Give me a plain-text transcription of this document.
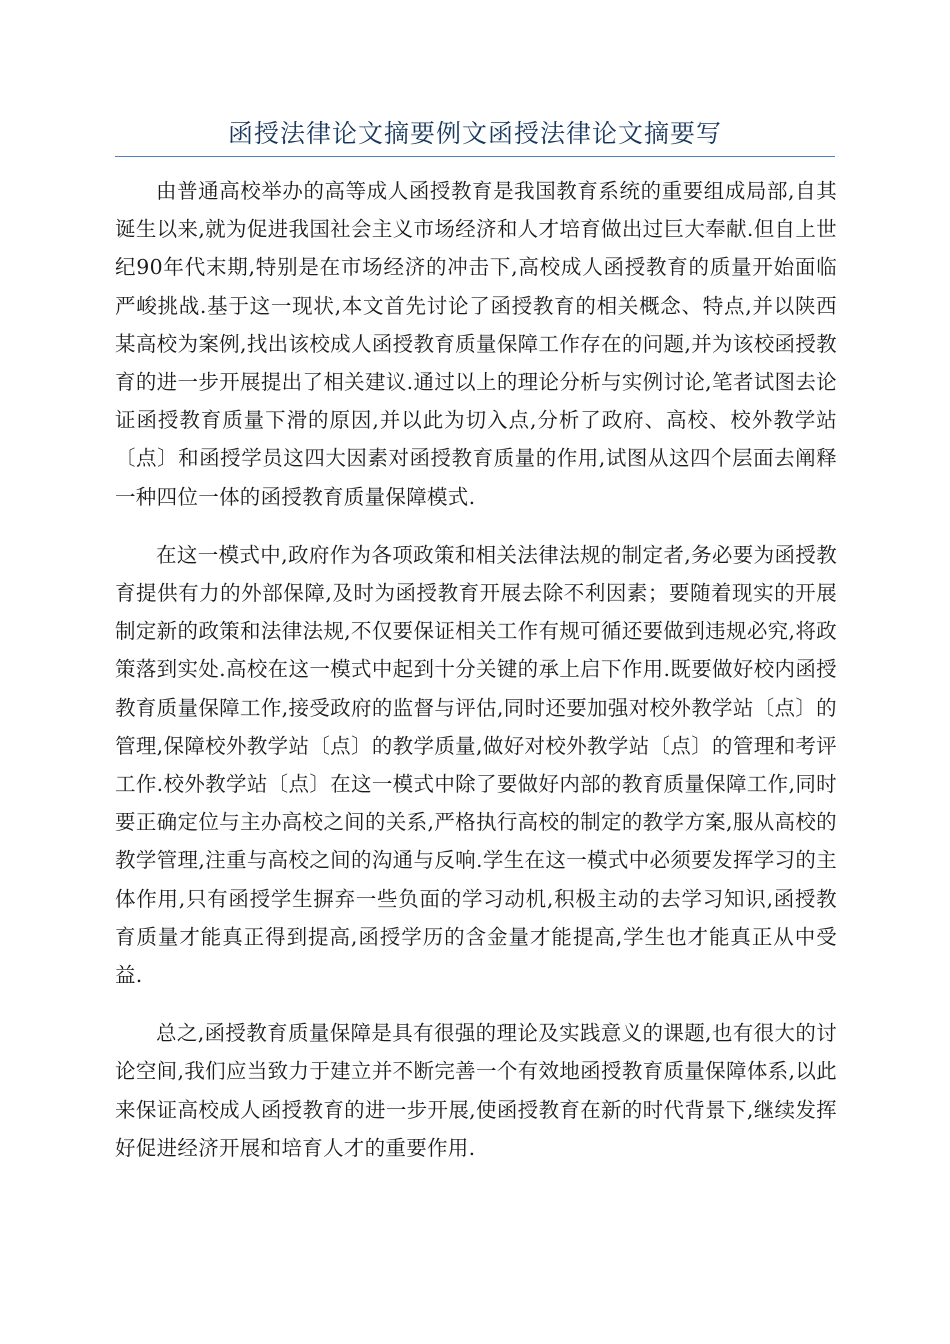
函授法律论文摘要例文函授法律论文摘要写

由普通高校举办的高等成人函授教育是我国教育系统的重要组成局部,自其诞生以来,就为促进我国社会主义市场经济和人才培育做出过巨大奉献.但自上世纪90年代末期,特别是在市场经济的冲击下,高校成人函授教育的质量开始面临严峻挑战.基于这一现状,本文首先讨论了函授教育的相关概念、特点,并以陕西某高校为案例,找出该校成人函授教育质量保障工作存在的问题,并为该校函授教育的进一步开展提出了相关建议.通过以上的理论分析与实例讨论,笔者试图去论证函授教育质量下滑的原因,并以此为切入点,分析了政府、高校、校外教学站〔点〕和函授学员这四大因素对函授教育质量的作用,试图从这四个层面去阐释一种四位一体的函授教育质量保障模式.

在这一模式中,政府作为各项政策和相关法律法规的制定者,务必要为函授教育提供有力的外部保障,及时为函授教育开展去除不利因素；要随着现实的开展制定新的政策和法律法规,不仅要保证相关工作有规可循还要做到违规必究,将政策落到实处.高校在这一模式中起到十分关键的承上启下作用.既要做好校内函授教育质量保障工作,接受政府的监督与评估,同时还要加强对校外教学站〔点〕的管理,保障校外教学站〔点〕的教学质量,做好对校外教学站〔点〕的管理和考评工作.校外教学站〔点〕在这一模式中除了要做好内部的教育质量保障工作,同时要正确定位与主办高校之间的关系,严格执行高校的制定的教学方案,服从高校的教学管理,注重与高校之间的沟通与反响.学生在这一模式中必须要发挥学习的主体作用,只有函授学生摒弃一些负面的学习动机,积极主动的去学习知识,函授教育质量才能真正得到提高,函授学历的含金量才能提高,学生也才能真正从中受益.

总之,函授教育质量保障是具有很强的理论及实践意义的课题,也有很大的讨论空间,我们应当致力于建立并不断完善一个有效地函授教育质量保障体系,以此来保证高校成人函授教育的进一步开展,使函授教育在新的时代背景下,继续发挥好促进经济开展和培育人才的重要作用.
